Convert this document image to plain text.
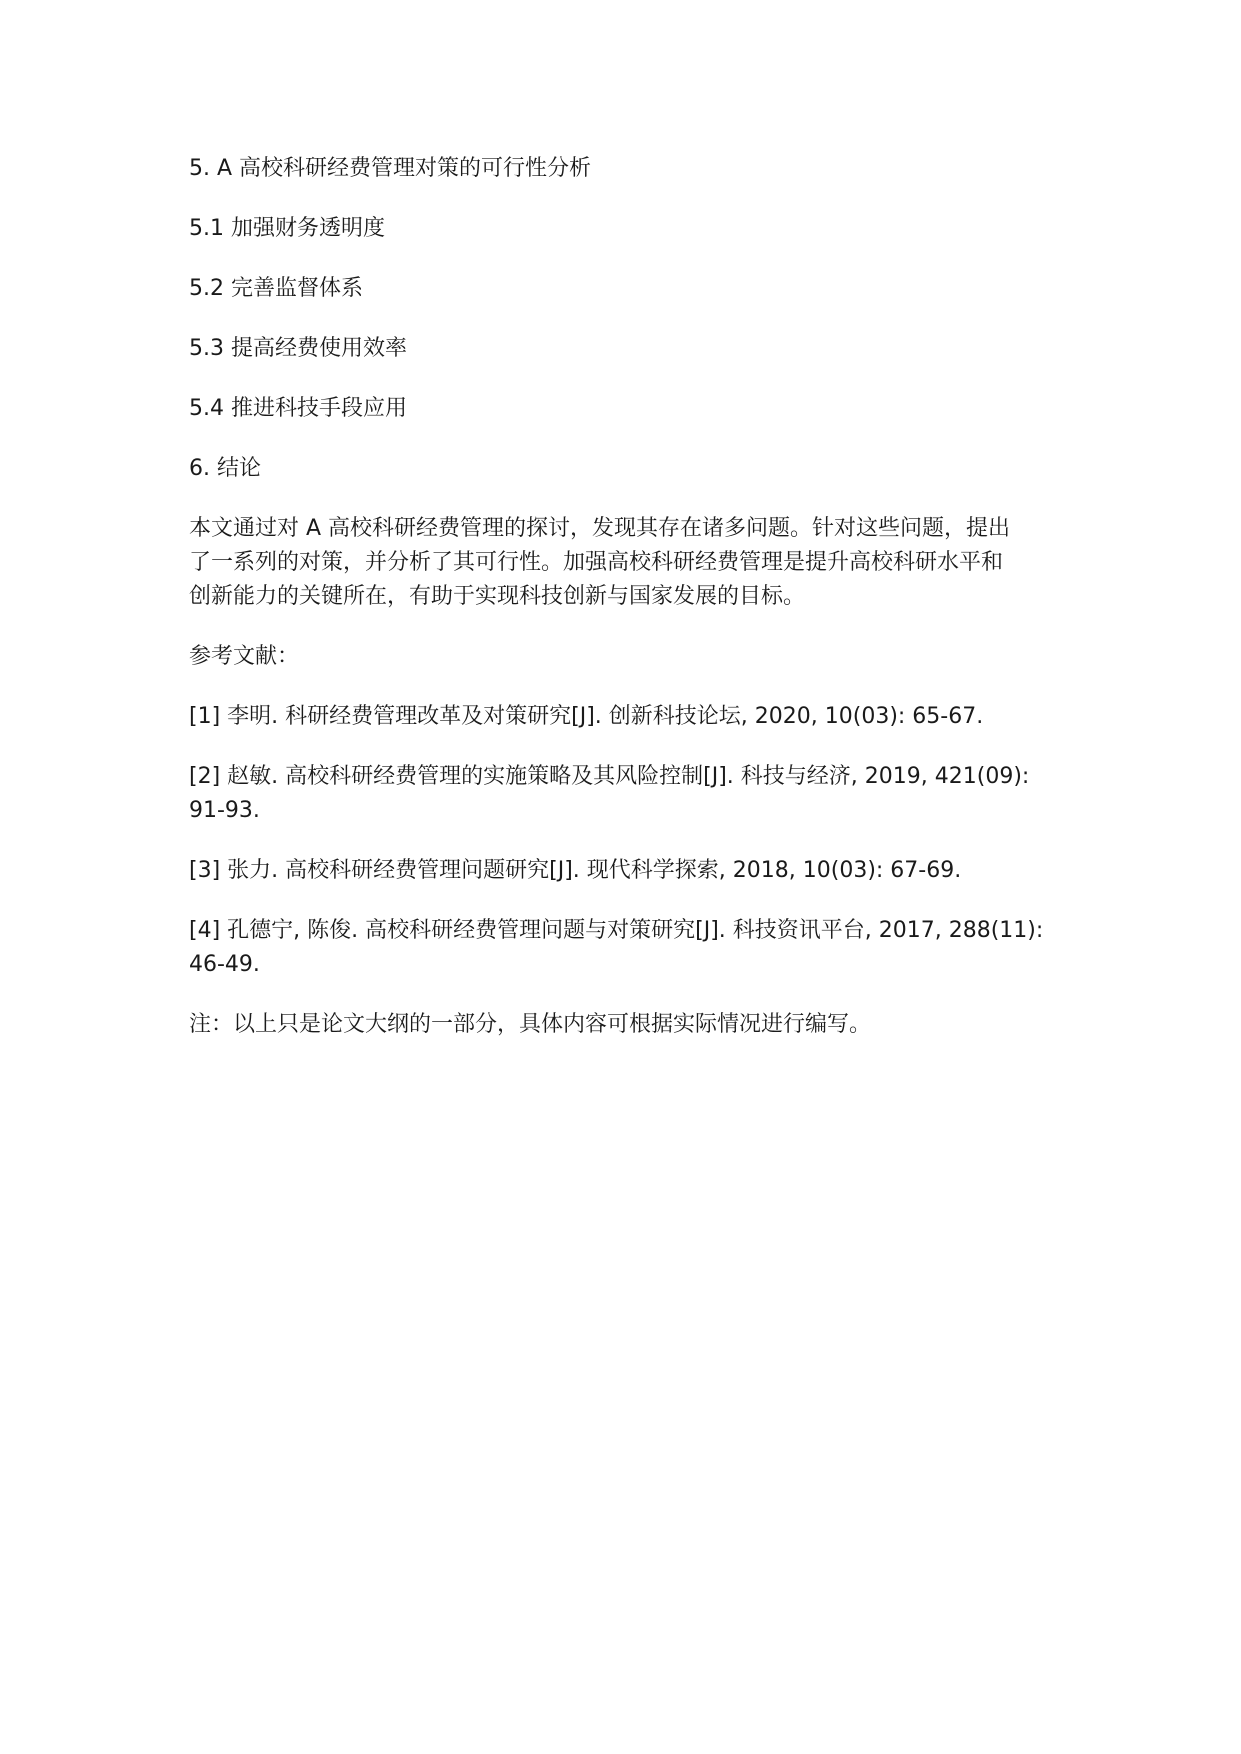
5. A 高校科研经费管理对策的可行性分析

5.1 加强财务透明度

5.2 完善监督体系

5.3 提高经费使用效率

5.4 推进科技手段应用

6. 结论

本文通过对 A 高校科研经费管理的探讨，发现其存在诸多问题。针对这些问题，提出

了一系列的对策，并分析了其可行性。加强高校科研经费管理是提升高校科研水平和

创新能力的关键所在，有助于实现科技创新与国家发展的目标。

参考文献：

[1] 李明. 科研经费管理改革及对策研究[J]. 创新科技论坛, 2020, 10(03): 65-67.

[2] 赵敏. 高校科研经费管理的实施策略及其风险控制[J]. 科技与经济, 2019, 421(09):

91-93.

[3] 张力. 高校科研经费管理问题研究[J]. 现代科学探索, 2018, 10(03): 67-69.

[4] 孔德宁, 陈俊. 高校科研经费管理问题与对策研究[J]. 科技资讯平台, 2017, 288(11):

46-49.

注：以上只是论文大纲的一部分，具体内容可根据实际情况进行编写。
